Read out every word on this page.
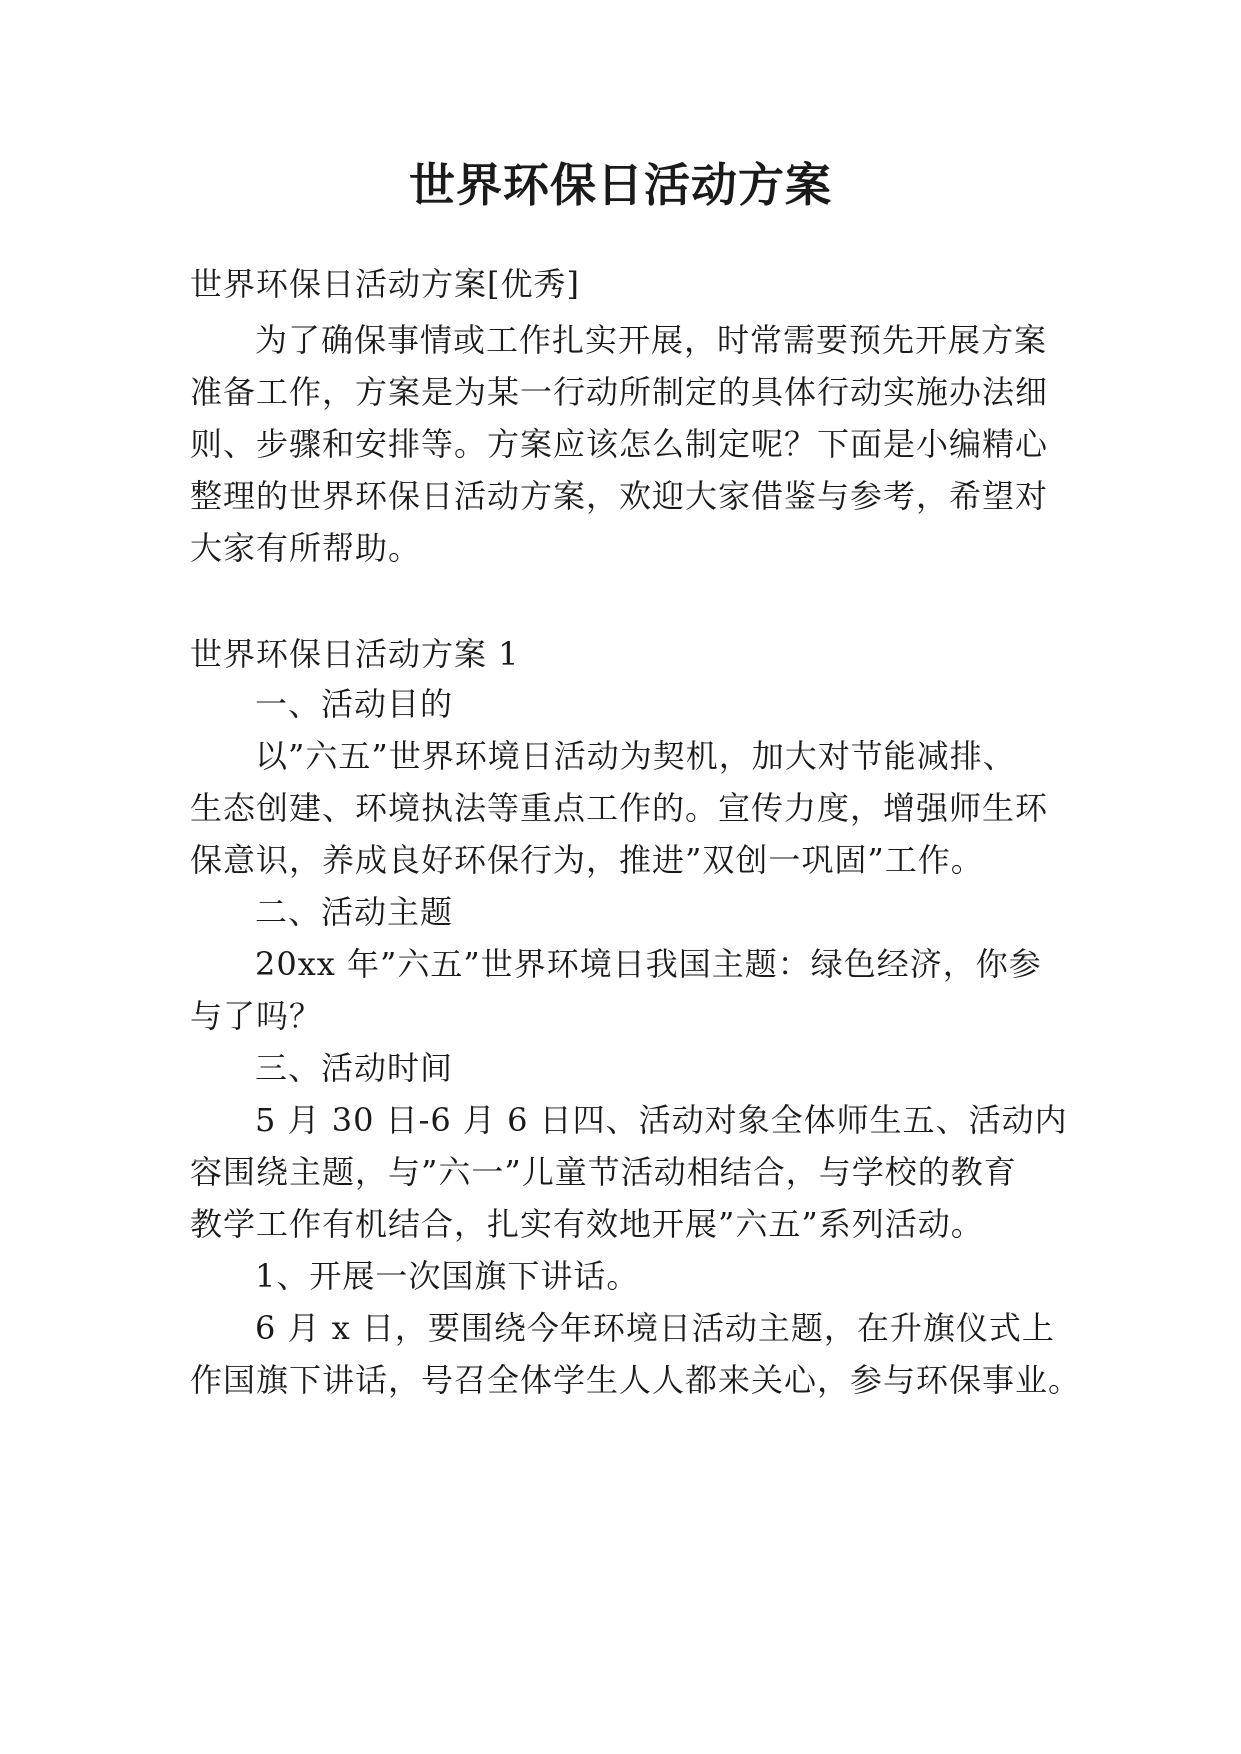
世界环保日活动方案
世界环保日活动方案[优秀]
为了确保事情或工作扎实开展，时常需要预先开展方案
准备工作，方案是为某一行动所制定的具体行动实施办法细
则、步骤和安排等。方案应该怎么制定呢？下面是小编精心
整理的世界环保日活动方案，欢迎大家借鉴与参考，希望对
大家有所帮助。
世界环保日活动方案 1
一、活动目的
以”六五”世界环境日活动为契机，加大对节能减排、
生态创建、环境执法等重点工作的。宣传力度，增强师生环
保意识，养成良好环保行为，推进”双创一巩固”工作。
二、活动主题
20xx 年”六五”世界环境日我国主题：绿色经济，你参
与了吗？
三、活动时间
5 月 30 日-6 月 6 日四、活动对象全体师生五、活动内
容围绕主题，与”六一”儿童节活动相结合，与学校的教育
教学工作有机结合，扎实有效地开展”六五”系列活动。
1、开展一次国旗下讲话。
6 月 x 日，要围绕今年环境日活动主题，在升旗仪式上
作国旗下讲话，号召全体学生人人都来关心，参与环保事业。
